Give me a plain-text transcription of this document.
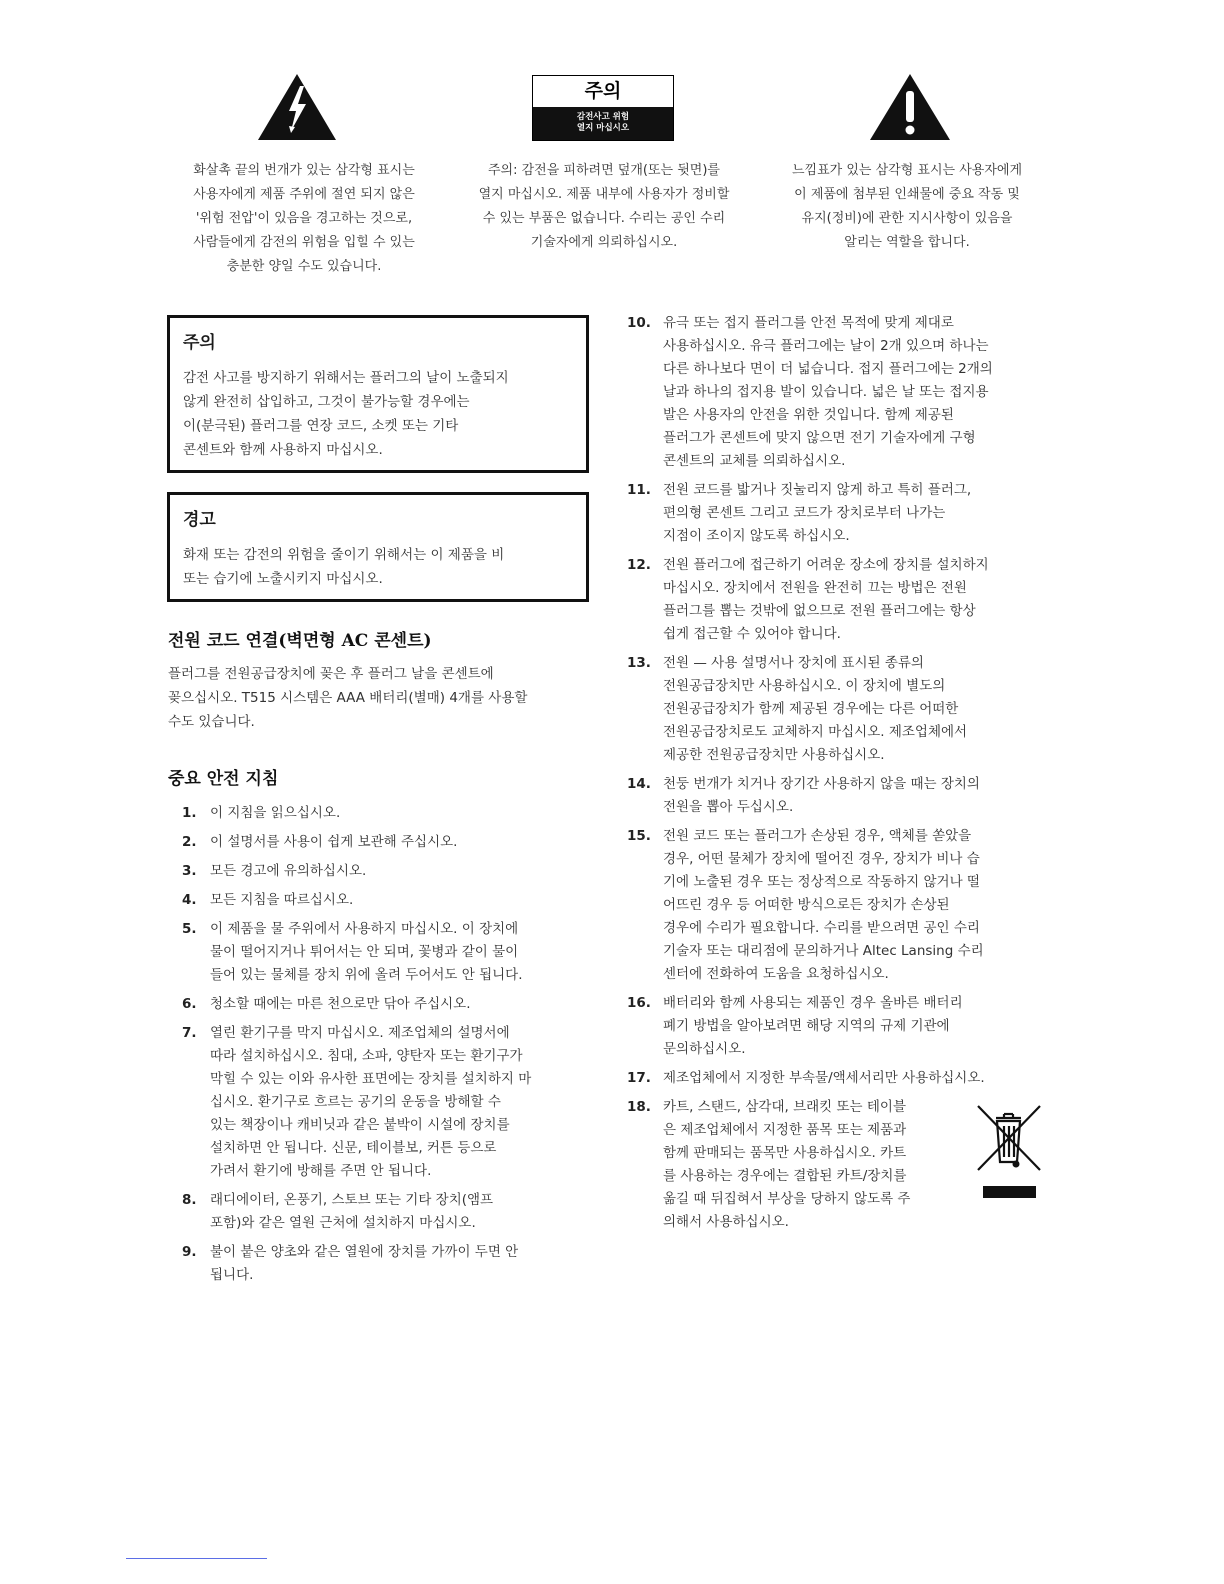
주의
감전사고 위험
열지 마십시오
화살촉 끝의 번개가 있는 삼각형 표시는
사용자에게 제품 주위에 절연 되지 않은
'위험 전압'이 있음을 경고하는 것으로,
사람들에게 감전의 위험을 입힐 수 있는
충분한 양일 수도 있습니다.
주의: 감전을 피하려면 덮개(또는 뒷면)를
열지 마십시오. 제품 내부에 사용자가 정비할
수 있는 부품은 없습니다. 수리는 공인 수리
기술자에게 의뢰하십시오.
느낌표가 있는 삼각형 표시는 사용자에게
이 제품에 첨부된 인쇄물에 중요 작동 및
유지(정비)에 관한 지시사항이 있음을
알리는 역할을 합니다.
주의
감전 사고를 방지하기 위해서는 플러그의 날이 노출되지
않게 완전히 삽입하고, 그것이 불가능할 경우에는
이(분극된) 플러그를 연장 코드, 소켓 또는 기타
콘센트와 함께 사용하지 마십시오.
경고
화재 또는 감전의 위험을 줄이기 위해서는 이 제품을 비
또는 습기에 노출시키지 마십시오.
전원 코드 연결(벽면형 AC 콘센트)
플러그를 전원공급장치에 꽂은 후 플러그 날을 콘센트에
꽂으십시오. T515 시스템은 AAA 배터리(별매) 4개를 사용할
수도 있습니다.
중요 안전 지침
1. 이 지침을 읽으십시오.
2. 이 설명서를 사용이 쉽게 보관해 주십시오.
3. 모든 경고에 유의하십시오.
4. 모든 지침을 따르십시오.
5. 이 제품을 물 주위에서 사용하지 마십시오. 이 장치에
물이 떨어지거나 튀어서는 안 되며, 꽃병과 같이 물이
들어 있는 물체를 장치 위에 올려 두어서도 안 됩니다.
6. 청소할 때에는 마른 천으로만 닦아 주십시오.
7. 열린 환기구를 막지 마십시오. 제조업체의 설명서에
따라 설치하십시오. 침대, 소파, 양탄자 또는 환기구가
막힐 수 있는 이와 유사한 표면에는 장치를 설치하지 마
십시오. 환기구로 흐르는 공기의 운동을 방해할 수
있는 책장이나 캐비닛과 같은 붙박이 시설에 장치를
설치하면 안 됩니다. 신문, 테이블보, 커튼 등으로
가려서 환기에 방해를 주면 안 됩니다.
8. 래디에이터, 온풍기, 스토브 또는 기타 장치(앰프
포함)와 같은 열원 근처에 설치하지 마십시오.
9. 불이 붙은 양초와 같은 열원에 장치를 가까이 두면 안
됩니다.
10. 유극 또는 접지 플러그를 안전 목적에 맞게 제대로
사용하십시오. 유극 플러그에는 날이 2개 있으며 하나는
다른 하나보다 면이 더 넓습니다. 접지 플러그에는 2개의
날과 하나의 접지용 발이 있습니다. 넓은 날 또는 접지용
발은 사용자의 안전을 위한 것입니다. 함께 제공된
플러그가 콘센트에 맞지 않으면 전기 기술자에게 구형
콘센트의 교체를 의뢰하십시오.
11. 전원 코드를 밟거나 짓눌리지 않게 하고 특히 플러그,
편의형 콘센트 그리고 코드가 장치로부터 나가는
지점이 조이지 않도록 하십시오.
12. 전원 플러그에 접근하기 어려운 장소에 장치를 설치하지
마십시오. 장치에서 전원을 완전히 끄는 방법은 전원
플러그를 뽑는 것밖에 없으므로 전원 플러그에는 항상
쉽게 접근할 수 있어야 합니다.
13. 전원 — 사용 설명서나 장치에 표시된 종류의
전원공급장치만 사용하십시오. 이 장치에 별도의
전원공급장치가 함께 제공된 경우에는 다른 어떠한
전원공급장치로도 교체하지 마십시오. 제조업체에서
제공한 전원공급장치만 사용하십시오.
14. 천둥 번개가 치거나 장기간 사용하지 않을 때는 장치의
전원을 뽑아 두십시오.
15. 전원 코드 또는 플러그가 손상된 경우, 액체를 쏟았을
경우, 어떤 물체가 장치에 떨어진 경우, 장치가 비나 습
기에 노출된 경우 또는 정상적으로 작동하지 않거나 떨
어뜨린 경우 등 어떠한 방식으로든 장치가 손상된
경우에 수리가 필요합니다. 수리를 받으려면 공인 수리
기술자 또는 대리점에 문의하거나 Altec Lansing 수리
센터에 전화하여 도움을 요청하십시오.
16. 배터리와 함께 사용되는 제품인 경우 올바른 배터리
폐기 방법을 알아보려면 해당 지역의 규제 기관에
문의하십시오.
17. 제조업체에서 지정한 부속물/액세서리만 사용하십시오.
18. 카트, 스탠드, 삼각대, 브래킷 또는 테이블
은 제조업체에서 지정한 품목 또는 제품과
함께 판매되는 품목만 사용하십시오. 카트
를 사용하는 경우에는 결합된 카트/장치를
옮길 때 뒤집혀서 부상을 당하지 않도록 주
의해서 사용하십시오.
